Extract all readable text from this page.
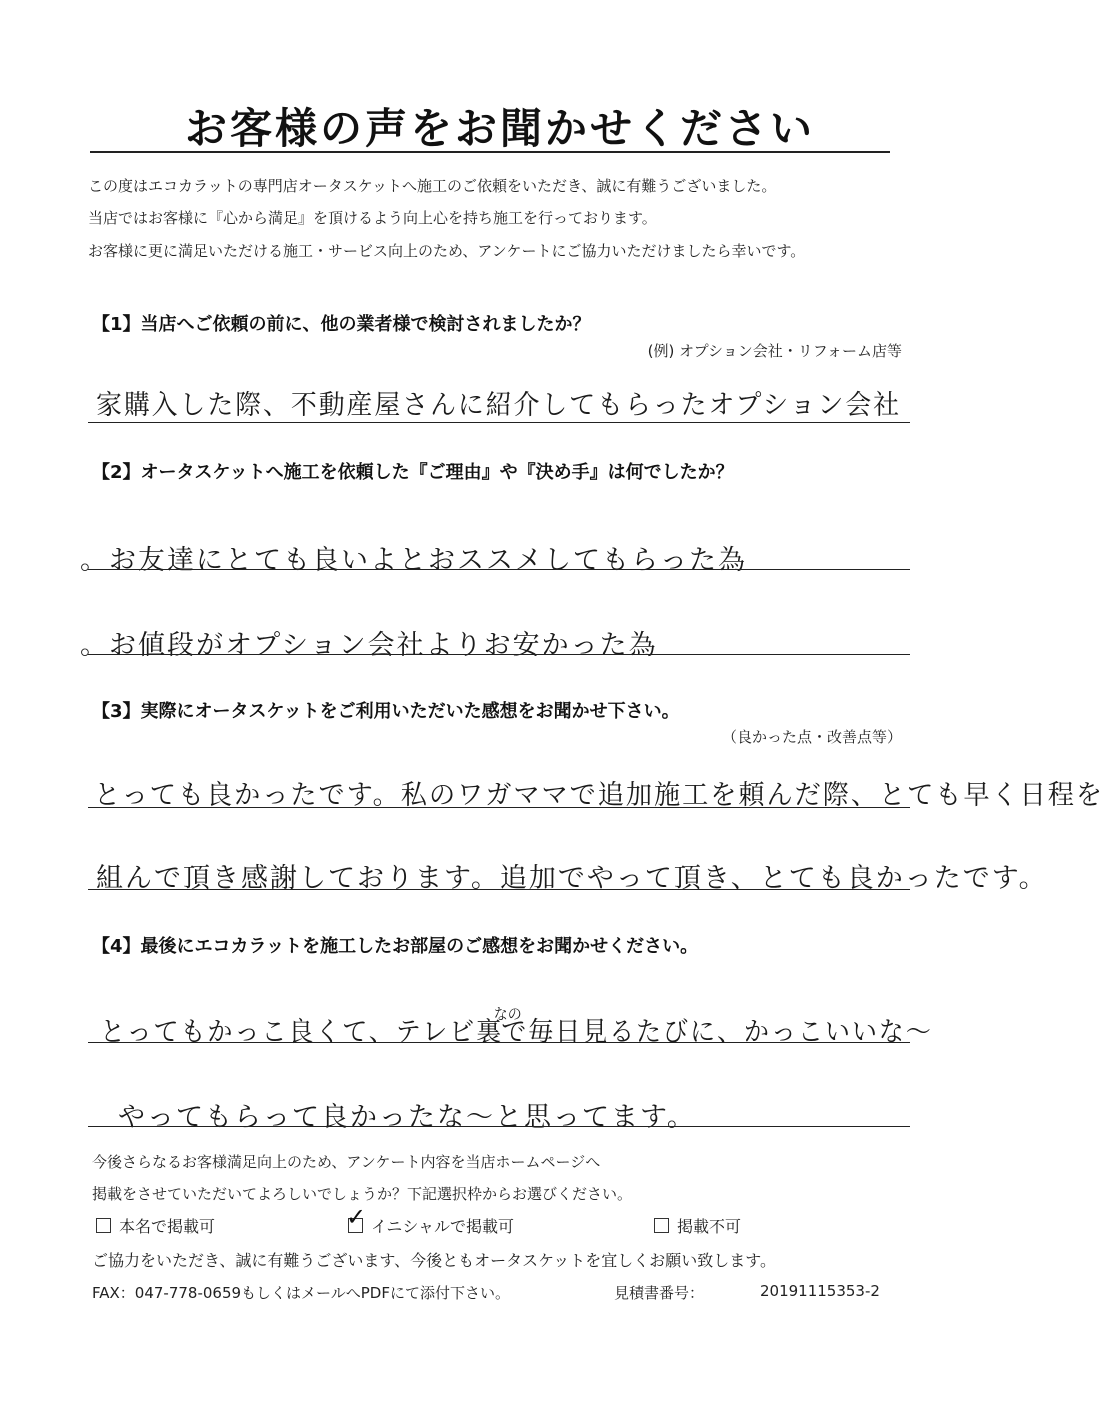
お客様の声をお聞かせください
この度はエコカラットの専門店オータスケットへ施工のご依頼をいただき、誠に有難うございました。
当店ではお客様に『心から満足』を頂けるよう向上心を持ち施工を行っております。
お客様に更に満足いただける施工・サービス向上のため、アンケートにご協力いただけましたら幸いです。
【1】当店へご依頼の前に、他の業者様で検討されましたか？
(例) オプション会社・リフォーム店等
家購入した際、不動産屋さんに紹介してもらったオプション会社
【2】オータスケットへ施工を依頼した『ご理由』や『決め手』は何でしたか？
。お友達にとても良いよとおススメしてもらった為
。お値段がオプション会社よりお安かった為
【3】実際にオータスケットをご利用いただいた感想をお聞かせ下さい。
（良かった点・改善点等）
とっても良かったです。私のワガママで追加施工を頼んだ際、とても早く日程を
組んで頂き感謝しております。追加でやって頂き、とても良かったです。
【4】最後にエコカラットを施工したお部屋のご感想をお聞かせください。
とってもかっこ良くて、テレビ裏$^{なの}$で毎日見るたびに、かっこいいな～
やってもらって良かったな～と思ってます。
今後さらなるお客様満足向上のため、アンケート内容を当店ホームページへ
掲載をさせていただいてよろしいでしょうか？下記選択枠からお選びください。
本名で掲載可	✓ イニシャルで掲載可	掲載不可
ご協力をいただき、誠に有難うございます、今後ともオータスケットを宜しくお願い致します。
FAX：047-778-0659もしくはメールへPDFにて添付下さい。	見積書番号：	20191115353-2
